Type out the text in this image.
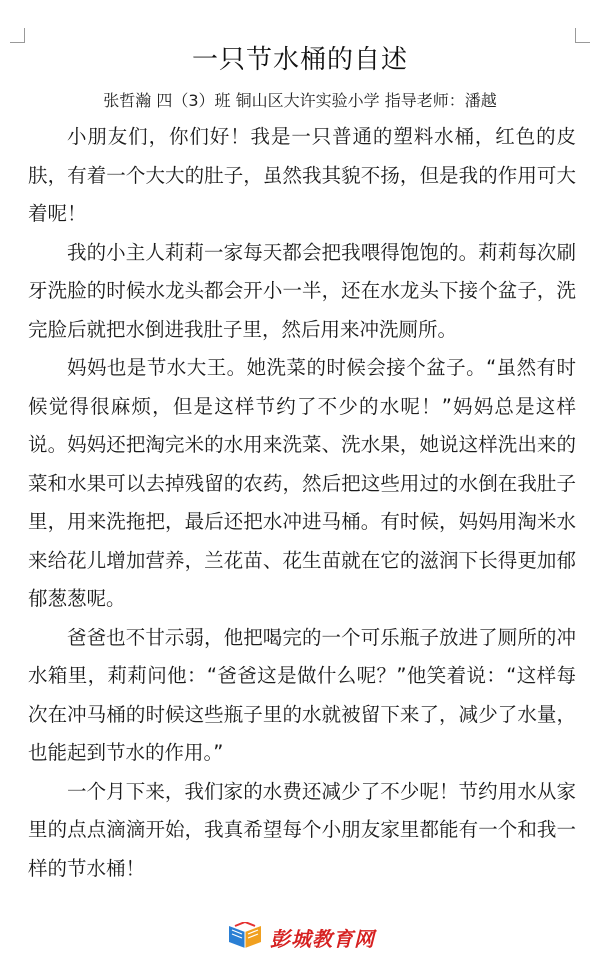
一只节水桶的自述
张哲瀚 四（3）班 铜山区大许实验小学 指导老师：潘越

小朋友们，你们好！我是一只普通的塑料水桶，红色的皮肤，有着一个大大的肚子，虽然我其貌不扬，但是我的作用可大着呢！

我的小主人莉莉一家每天都会把我喂得饱饱的。莉莉每次刷牙洗脸的时候水龙头都会开小一半，还在水龙头下接个盆子，洗完脸后就把水倒进我肚子里，然后用来冲洗厕所。

妈妈也是节水大王。她洗菜的时候会接个盆子。“虽然有时候觉得很麻烦，但是这样节约了不少的水呢！”妈妈总是这样说。妈妈还把淘完米的水用来洗菜、洗水果，她说这样洗出来的菜和水果可以去掉残留的农药，然后把这些用过的水倒在我肚子里，用来洗拖把，最后还把水冲进马桶。有时候，妈妈用淘米水来给花儿增加营养，兰花苗、花生苗就在它的滋润下长得更加郁郁葱葱呢。

爸爸也不甘示弱，他把喝完的一个可乐瓶子放进了厕所的冲水箱里，莉莉问他：“爸爸这是做什么呢？”他笑着说：“这样每次在冲马桶的时候这些瓶子里的水就被留下来了，减少了水量，也能起到节水的作用。”

一个月下来，我们家的水费还减少了不少呢！节约用水从家里的点点滴滴开始，我真希望每个小朋友家里都能有一个和我一样的节水桶！

彭城教育网
